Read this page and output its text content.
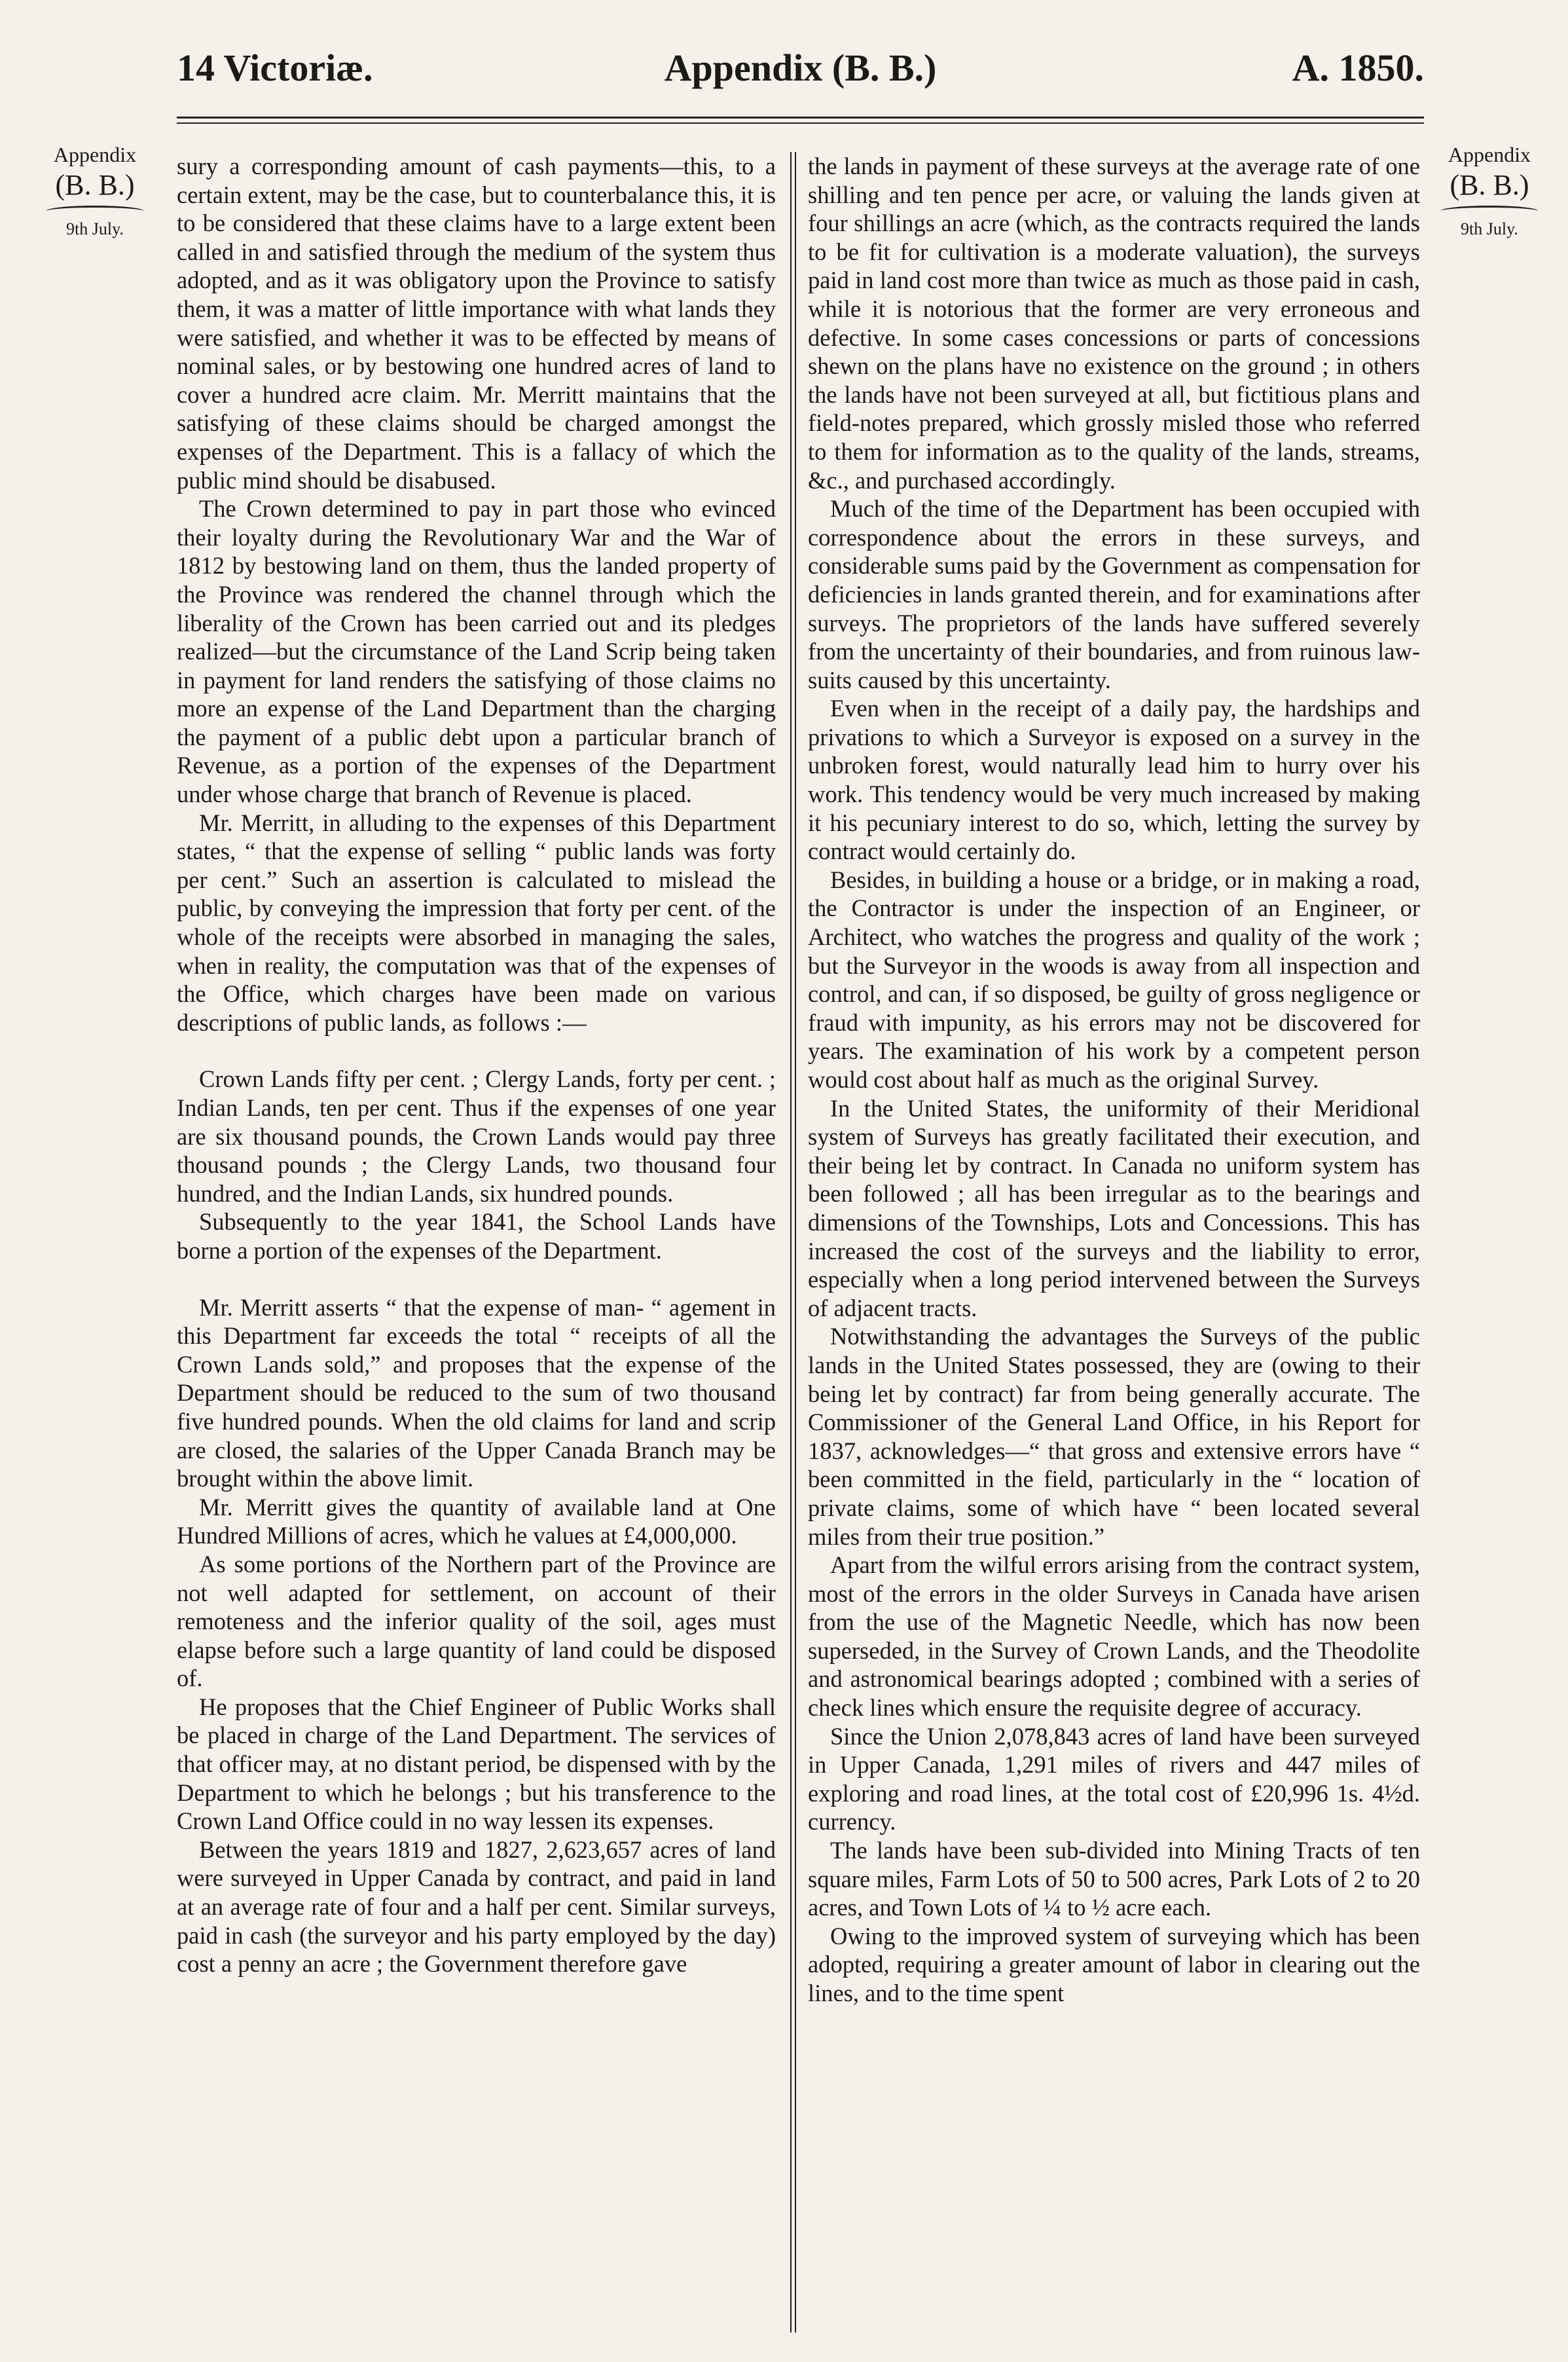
14 Victoriæ.	Appendix (B. B.)	A. 1850.
Appendix
(B. B.)
9th July.
Appendix
(B. B.)
9th July.

sury a corresponding amount of cash payments—this, to a certain extent, may be the case, but to counterbalance this, it is to be considered that these claims have to a large extent been called in and satisfied through the medium of the system thus adopted, and as it was obligatory upon the Province to satisfy them, it was a matter of little importance with what lands they were satisfied, and whether it was to be effected by means of nominal sales, or by bestowing one hundred acres of land to cover a hundred acre claim. Mr. Merritt maintains that the satisfying of these claims should be charged amongst the expenses of the Department. This is a fallacy of which the public mind should be disabused.

The Crown determined to pay in part those who evinced their loyalty during the Revolutionary War and the War of 1812 by bestowing land on them, thus the landed property of the Province was rendered the channel through which the liberality of the Crown has been carried out and its pledges realized—but the circumstance of the Land Scrip being taken in payment for land renders the satisfying of those claims no more an expense of the Land Department than the charging the payment of a public debt upon a particular branch of Revenue, as a portion of the expenses of the Department under whose charge that branch of Revenue is placed.

Mr. Merritt, in alluding to the expenses of this Department states, “ that the expense of selling “ public lands was forty per cent.” Such an assertion is calculated to mislead the public, by conveying the impression that forty per cent. of the whole of the receipts were absorbed in managing the sales, when in reality, the computation was that of the expenses of the Office, which charges have been made on various descriptions of public lands, as follows :—

Crown Lands fifty per cent. ; Clergy Lands, forty per cent. ; Indian Lands, ten per cent. Thus if the expenses of one year are six thousand pounds, the Crown Lands would pay three thousand pounds ; the Clergy Lands, two thousand four hundred, and the Indian Lands, six hundred pounds.

Subsequently to the year 1841, the School Lands have borne a portion of the expenses of the Department.

Mr. Merritt asserts “ that the expense of man- “ agement in this Department far exceeds the total “ receipts of all the Crown Lands sold,” and proposes that the expense of the Department should be reduced to the sum of two thousand five hundred pounds. When the old claims for land and scrip are closed, the salaries of the Upper Canada Branch may be brought within the above limit.

Mr. Merritt gives the quantity of available land at One Hundred Millions of acres, which he values at £4,000,000.

As some portions of the Northern part of the Province are not well adapted for settlement, on account of their remoteness and the inferior quality of the soil, ages must elapse before such a large quantity of land could be disposed of.

He proposes that the Chief Engineer of Public Works shall be placed in charge of the Land Department. The services of that officer may, at no distant period, be dispensed with by the Department to which he belongs ; but his transference to the Crown Land Office could in no way lessen its expenses.

Between the years 1819 and 1827, 2,623,657 acres of land were surveyed in Upper Canada by contract, and paid in land at an average rate of four and a half per cent. Similar surveys, paid in cash (the surveyor and his party employed by the day) cost a penny an acre ; the Government therefore gave

the lands in payment of these surveys at the average rate of one shilling and ten pence per acre, or valuing the lands given at four shillings an acre (which, as the contracts required the lands to be fit for cultivation is a moderate valuation), the surveys paid in land cost more than twice as much as those paid in cash, while it is notorious that the former are very erroneous and defective. In some cases concessions or parts of concessions shewn on the plans have no existence on the ground ; in others the lands have not been surveyed at all, but fictitious plans and field-notes prepared, which grossly misled those who referred to them for information as to the quality of the lands, streams, &c., and purchased accordingly.

Much of the time of the Department has been occupied with correspondence about the errors in these surveys, and considerable sums paid by the Government as compensation for deficiencies in lands granted therein, and for examinations after surveys. The proprietors of the lands have suffered severely from the uncertainty of their boundaries, and from ruinous law-suits caused by this uncertainty.

Even when in the receipt of a daily pay, the hardships and privations to which a Surveyor is exposed on a survey in the unbroken forest, would naturally lead him to hurry over his work. This tendency would be very much increased by making it his pecuniary interest to do so, which, letting the survey by contract would certainly do.

Besides, in building a house or a bridge, or in making a road, the Contractor is under the inspection of an Engineer, or Architect, who watches the progress and quality of the work ; but the Surveyor in the woods is away from all inspection and control, and can, if so disposed, be guilty of gross negligence or fraud with impunity, as his errors may not be discovered for years. The examination of his work by a competent person would cost about half as much as the original Survey.

In the United States, the uniformity of their Meridional system of Surveys has greatly facilitated their execution, and their being let by contract. In Canada no uniform system has been followed ; all has been irregular as to the bearings and dimensions of the Townships, Lots and Concessions. This has increased the cost of the surveys and the liability to error, especially when a long period intervened between the Surveys of adjacent tracts.

Notwithstanding the advantages the Surveys of the public lands in the United States possessed, they are (owing to their being let by contract) far from being generally accurate. The Commissioner of the General Land Office, in his Report for 1837, acknowledges—“ that gross and extensive errors have “ been committed in the field, particularly in the “ location of private claims, some of which have “ been located several miles from their true position.”

Apart from the wilful errors arising from the contract system, most of the errors in the older Surveys in Canada have arisen from the use of the Magnetic Needle, which has now been superseded, in the Survey of Crown Lands, and the Theodolite and astronomical bearings adopted ; combined with a series of check lines which ensure the requisite degree of accuracy.

Since the Union 2,078,843 acres of land have been surveyed in Upper Canada, 1,291 miles of rivers and 447 miles of exploring and road lines, at the total cost of £20,996 1s. 4½d. currency.

The lands have been sub-divided into Mining Tracts of ten square miles, Farm Lots of 50 to 500 acres, Park Lots of 2 to 20 acres, and Town Lots of ¼ to ½ acre each.

Owing to the improved system of surveying which has been adopted, requiring a greater amount of labor in clearing out the lines, and to the time spent
